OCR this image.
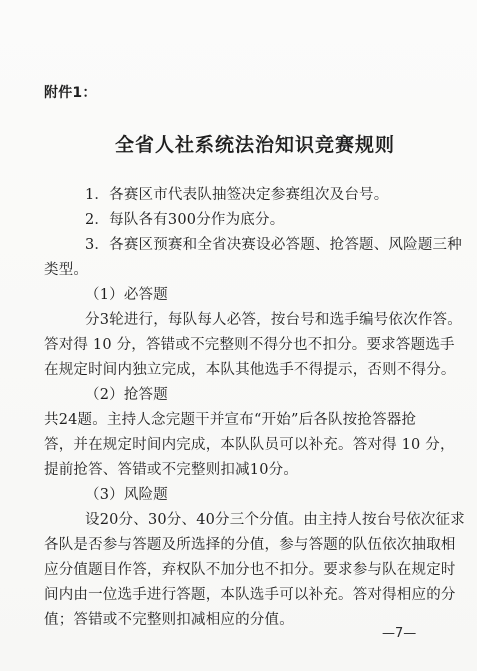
附件1：
全省人社系统法治知识竞赛规则
1．各赛区市代表队抽签决定参赛组次及台号。
2．每队各有300分作为底分。
3．各赛区预赛和全省决赛设必答题、抢答题、风险题三种
类型。
（1）必答题
分3轮进行，每队每人必答，按台号和选手编号依次作答。
答对得 10 分，答错或不完整则不得分也不扣分。要求答题选手
在规定时间内独立完成，本队其他选手不得提示，否则不得分。
（2）抢答题
共24题。主持人念完题干并宣布“开始”后各队按抢答器抢
答，并在规定时间内完成，本队队员可以补充。答对得 10 分，
提前抢答、答错或不完整则扣减10分。
（3）风险题
设20分、30分、40分三个分值。由主持人按台号依次征求
各队是否参与答题及所选择的分值，参与答题的队伍依次抽取相
应分值题目作答，弃权队不加分也不扣分。要求参与队在规定时
间内由一位选手进行答题，本队选手可以补充。答对得相应的分
值；答错或不完整则扣减相应的分值。
—7—
